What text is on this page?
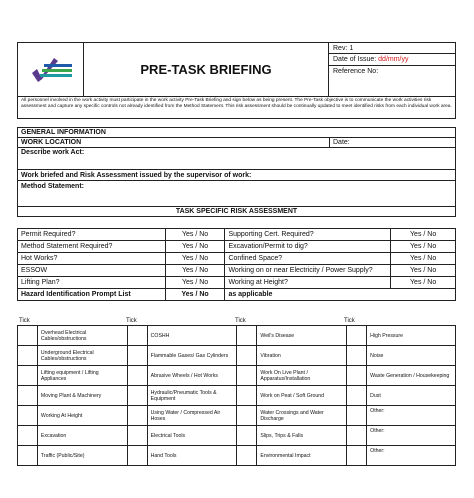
PRE-TASK BRIEFING
Rev: 1
Date of Issue: dd/mm/yy
Reference No:
All personnel involved in the work activity must participate in the work activity Pre-Task Briefing and sign below as being present. The Pre-Task objective is to communicate the work activities risk assessment and capture any specific controls not already identified from the Method Statement. This risk assessment should be continually updated to meet identified risks from each individual work area.
GENERAL INFORMATION
WORK LOCATION	Date:
Describe work Act:
Work briefed and Risk Assessment issued by the supervisor of work:
Method Statement:
TASK SPECIFIC RISK ASSESSMENT
Permit Required?	Yes / No	Supporting Cert. Required?	Yes / No
Method Statement Required?	Yes / No	Excavation/Permit to dig?	Yes / No
Hot Works?	Yes / No	Confined Space?	Yes / No
ESSOW	Yes / No	Working on or near Electricity / Power Supply?	Yes / No
Lifting Plan?	Yes / No	Working at Height?	Yes / No
Hazard Identification Prompt List	Yes / No	as applicable	
Tick	Tick	Tick	Tick
	Overhead Electrical Cables/obstructions		COSHH		Weil's Disease		High Pressure
	Underground Electrical Cables/obstructions		Flammable Gases/ Gas Cylinders		Vibration		Noise
	Lifting equipment / Lifting Appliances		Abrasive Wheels / Hot Works		Work On Live Plant / Apparatus/Installation		Waste Generation / Housekeeping
	Moving Plant & Machinery		Hydraulic/Pneumatic Tools & Equipment		Work on Peat / Soft Ground		Dust
	Working At Height		Using Water / Compressed Air Hoses		Water Crossings and Water Discharge		Other:
	Excavation		Electrical Tools		Slips, Trips & Falls		Other:
	Traffic (Public/Site)		Hand Tools		Environmental Impact		Other:
